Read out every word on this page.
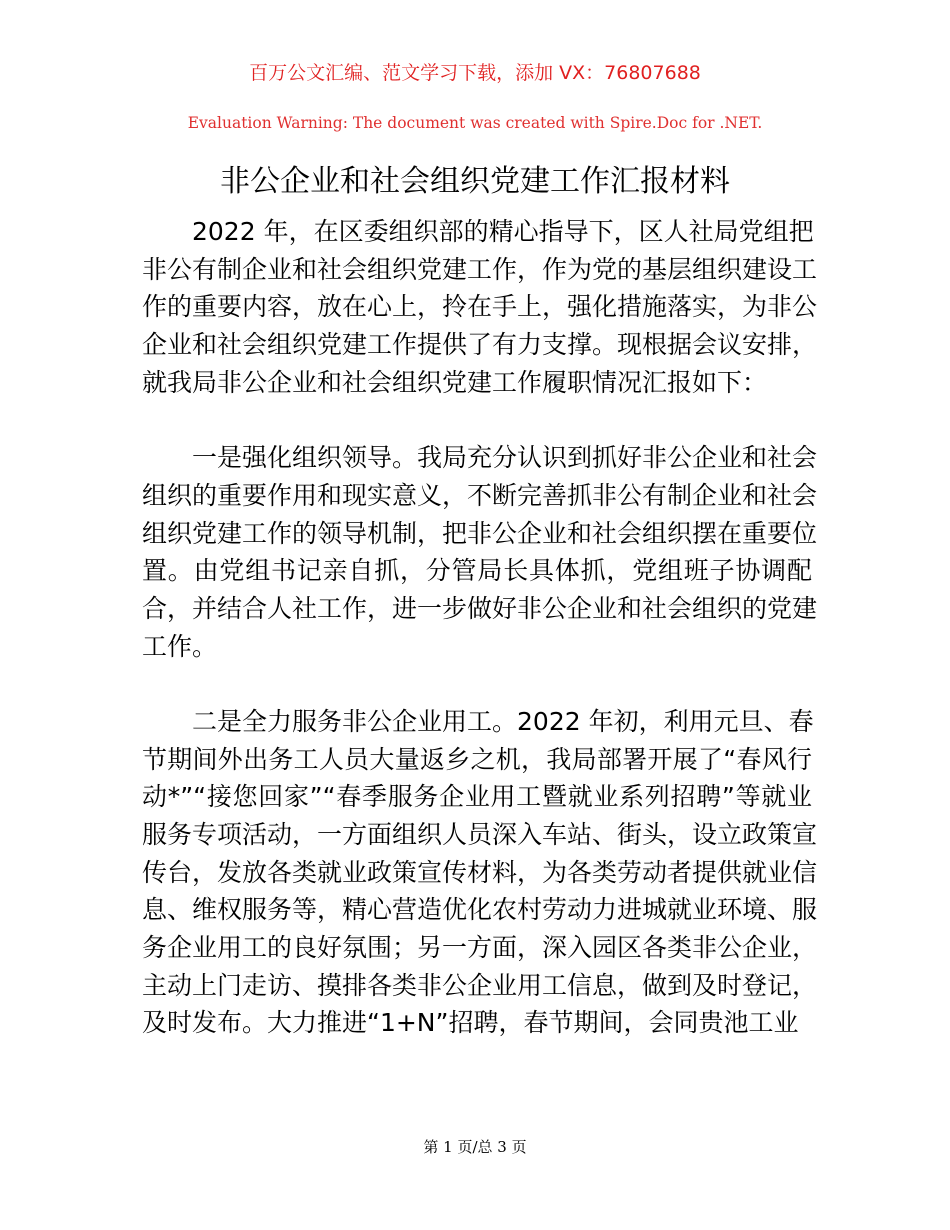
百万公文汇编、范文学习下载，添加 VX：76807688
Evaluation Warning: The document was created with Spire.Doc for .NET.
非公企业和社会组织党建工作汇报材料
　　2022 年，在区委组织部的精心指导下，区人社局党组把
非公有制企业和社会组织党建工作，作为党的基层组织建设工
作的重要内容，放在心上，拎在手上，强化措施落实，为非公
企业和社会组织党建工作提供了有力支撑。现根据会议安排，
就我局非公企业和社会组织党建工作履职情况汇报如下：
　　一是强化组织领导。我局充分认识到抓好非公企业和社会
组织的重要作用和现实意义，不断完善抓非公有制企业和社会
组织党建工作的领导机制，把非公企业和社会组织摆在重要位
置。由党组书记亲自抓，分管局长具体抓，党组班子协调配
合，并结合人社工作，进一步做好非公企业和社会组织的党建
工作。
　　二是全力服务非公企业用工。2022 年初，利用元旦、春
节期间外出务工人员大量返乡之机，我局部署开展了“春风行
动*”“接您回家”“春季服务企业用工暨就业系列招聘”等就业
服务专项活动，一方面组织人员深入车站、街头，设立政策宣
传台，发放各类就业政策宣传材料，为各类劳动者提供就业信
息、维权服务等，精心营造优化农村劳动力进城就业环境、服
务企业用工的良好氛围；另一方面，深入园区各类非公企业，
主动上门走访、摸排各类非公企业用工信息，做到及时登记，
及时发布。大力推进“1+N”招聘，春节期间，会同贵池工业
第 1 页/总 3 页
